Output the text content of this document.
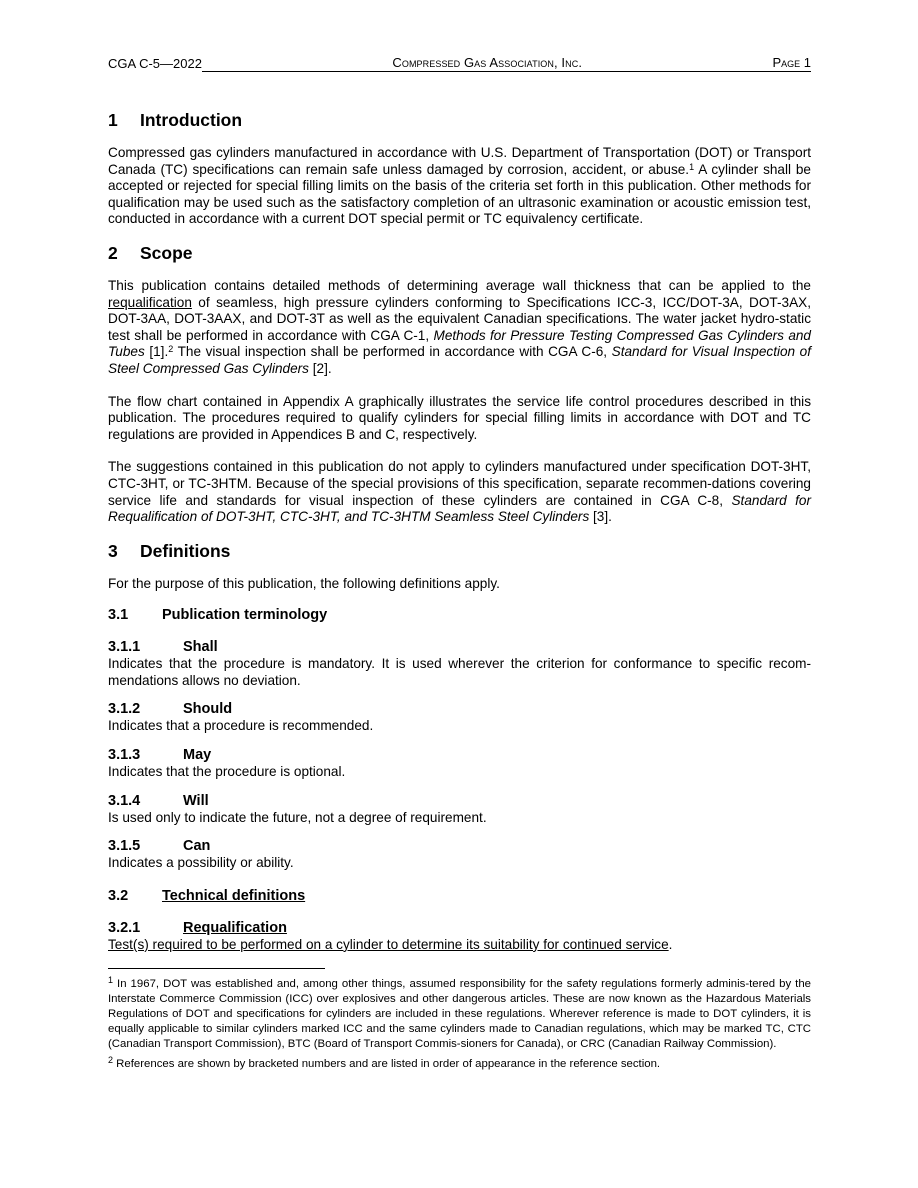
CGA C-5—2022	Compressed Gas Association, Inc.	Page 1
1	Introduction

Compressed gas cylinders manufactured in accordance with U.S. Department of Transportation (DOT) or Transport Canada (TC) specifications can remain safe unless damaged by corrosion, accident, or abuse.$^1$ A cylinder shall be accepted or rejected for special filling limits on the basis of the criteria set forth in this publication. Other methods for qualification may be used such as the satisfactory completion of an ultrasonic examination or acoustic emission test, conducted in accordance with a current DOT special permit or TC equivalency certificate.

2	Scope

This publication contains detailed methods of determining average wall thickness that can be applied to the requalification of seamless, high pressure cylinders conforming to Specifications ICC-3, ICC/DOT-3A, DOT-3AX, DOT-3AA, DOT-3AAX, and DOT-3T as well as the equivalent Canadian specifications. The water jacket hydro-static test shall be performed in accordance with CGA C-1, Methods for Pressure Testing Compressed Gas Cylinders and Tubes [1].$^2$ The visual inspection shall be performed in accordance with CGA C-6, Standard for Visual Inspection of Steel Compressed Gas Cylinders [2].

The flow chart contained in Appendix A graphically illustrates the service life control procedures described in this publication. The procedures required to qualify cylinders for special filling limits in accordance with DOT and TC regulations are provided in Appendices B and C, respectively.

The suggestions contained in this publication do not apply to cylinders manufactured under specification DOT-3HT, CTC-3HT, or TC-3HTM. Because of the special provisions of this specification, separate recommen-dations covering service life and standards for visual inspection of these cylinders are contained in CGA C-8, Standard for Requalification of DOT-3HT, CTC-3HT, and TC-3HTM Seamless Steel Cylinders [3].

3	Definitions

For the purpose of this publication, the following definitions apply.

3.1	Publication terminology
3.1.1	Shall

Indicates that the procedure is mandatory. It is used wherever the criterion for conformance to specific recom-mendations allows no deviation.

3.1.2	Should

Indicates that a procedure is recommended.

3.1.3	May

Indicates that the procedure is optional.

3.1.4	Will

Is used only to indicate the future, not a degree of requirement.

3.1.5	Can

Indicates a possibility or ability.

3.2	Technical definitions
3.2.1	Requalification

Test(s) required to be performed on a cylinder to determine its suitability for continued service.

$^1$ In 1967, DOT was established and, among other things, assumed responsibility for the safety regulations formerly adminis-tered by the Interstate Commerce Commission (ICC) over explosives and other dangerous articles. These are now known as the Hazardous Materials Regulations of DOT and specifications for cylinders are included in these regulations. Wherever reference is made to DOT cylinders, it is equally applicable to similar cylinders marked ICC and the same cylinders made to Canadian regulations, which may be marked TC, CTC (Canadian Transport Commission), BTC (Board of Transport Commis-sioners for Canada), or CRC (Canadian Railway Commission).

$^2$ References are shown by bracketed numbers and are listed in order of appearance in the reference section.
